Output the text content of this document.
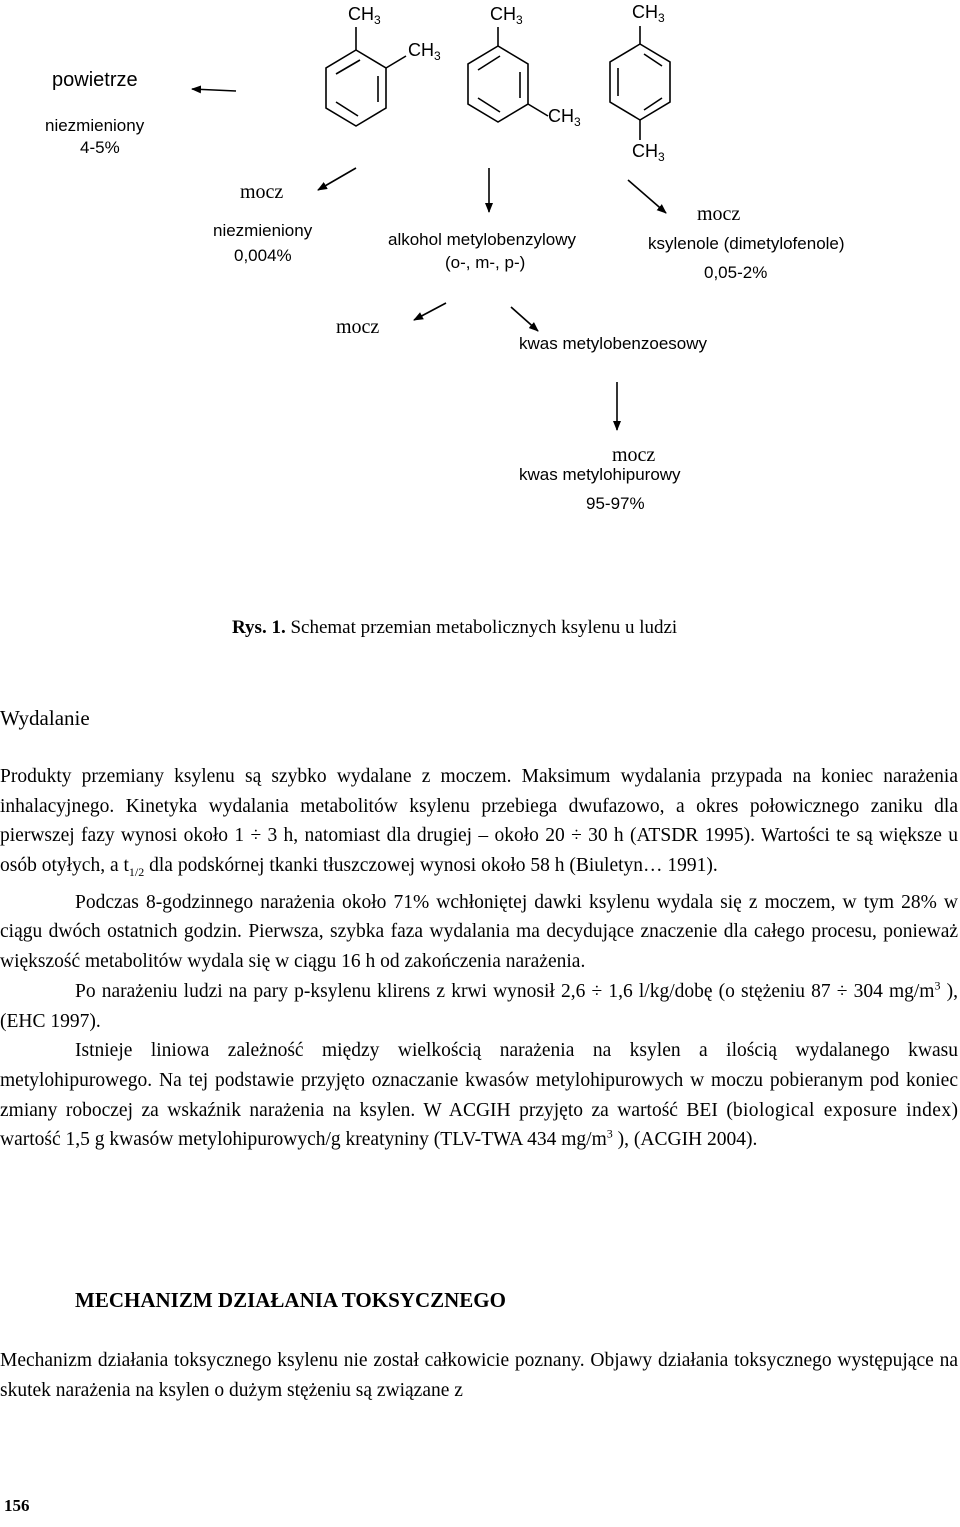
$CH_3$
$CH_3$
$CH_3$
$CH_3$
$CH_3$
$CH_3$
powietrze
niezmieniony
4-5%
mocz
niezmieniony
0,004%
alkohol metylobenzylowy
(o-, m-, p-)
mocz
ksylenole (dimetylofenole)
0,05-2%
mocz
kwas metylobenzoesowy
mocz
kwas metylohipurowy
95-97%
Rys. 1. Schemat przemian metabolicznych ksylenu u ludzi
Wydalanie

Produkty przemiany ksylenu są szybko wydalane z moczem. Maksimum wydalania przypada na koniec narażenia inhalacyjnego. Kinetyka wydalania metabolitów ksylenu przebiega dwufazowo, a okres połowicznego zaniku dla pierwszej fazy wynosi około 1 ÷ 3 h, natomiast dla drugiej – około 20 ÷ 30 h (ATSDR 1995). Wartości te są większe u osób otyłych, a $t_{1/2}$ dla podskórnej tkanki tłuszczowej wynosi około 58 h (Biuletyn… 1991).

Podczas 8-godzinnego narażenia około 71% wchłoniętej dawki ksylenu wydala się z moczem, w tym 28% w ciągu dwóch ostatnich godzin. Pierwsza, szybka faza wydalania ma decydujące znaczenie dla całego procesu, ponieważ większość metabolitów wydala się w ciągu 16 h od zakończenia narażenia.

Po narażeniu ludzi na pary p-ksylenu klirens z krwi wynosił 2,6 ÷ 1,6 l/kg/dobę (o stężeniu 87 ÷ 304 $mg/m^3$ ), (EHC 1997).

Istnieje liniowa zależność między wielkością narażenia na ksylen a ilością wydalanego kwasu metylohipurowego. Na tej podstawie przyjęto oznaczanie kwasów metylohipurowych w moczu pobieranym pod koniec zmiany roboczej za wskaźnik narażenia na ksylen. W ACGIH przyjęto za wartość BEI (biological exposure index) wartość 1,5 g kwasów metylohipurowych/g kreatyniny (TLV-TWA 434 $mg/m^3$ ), (ACGIH 2004).

MECHANIZM DZIAŁANIA TOKSYCZNEGO

Mechanizm działania toksycznego ksylenu nie został całkowicie poznany. Objawy działania toksycznego występujące na skutek narażenia na ksylen o dużym stężeniu są związane z

156
